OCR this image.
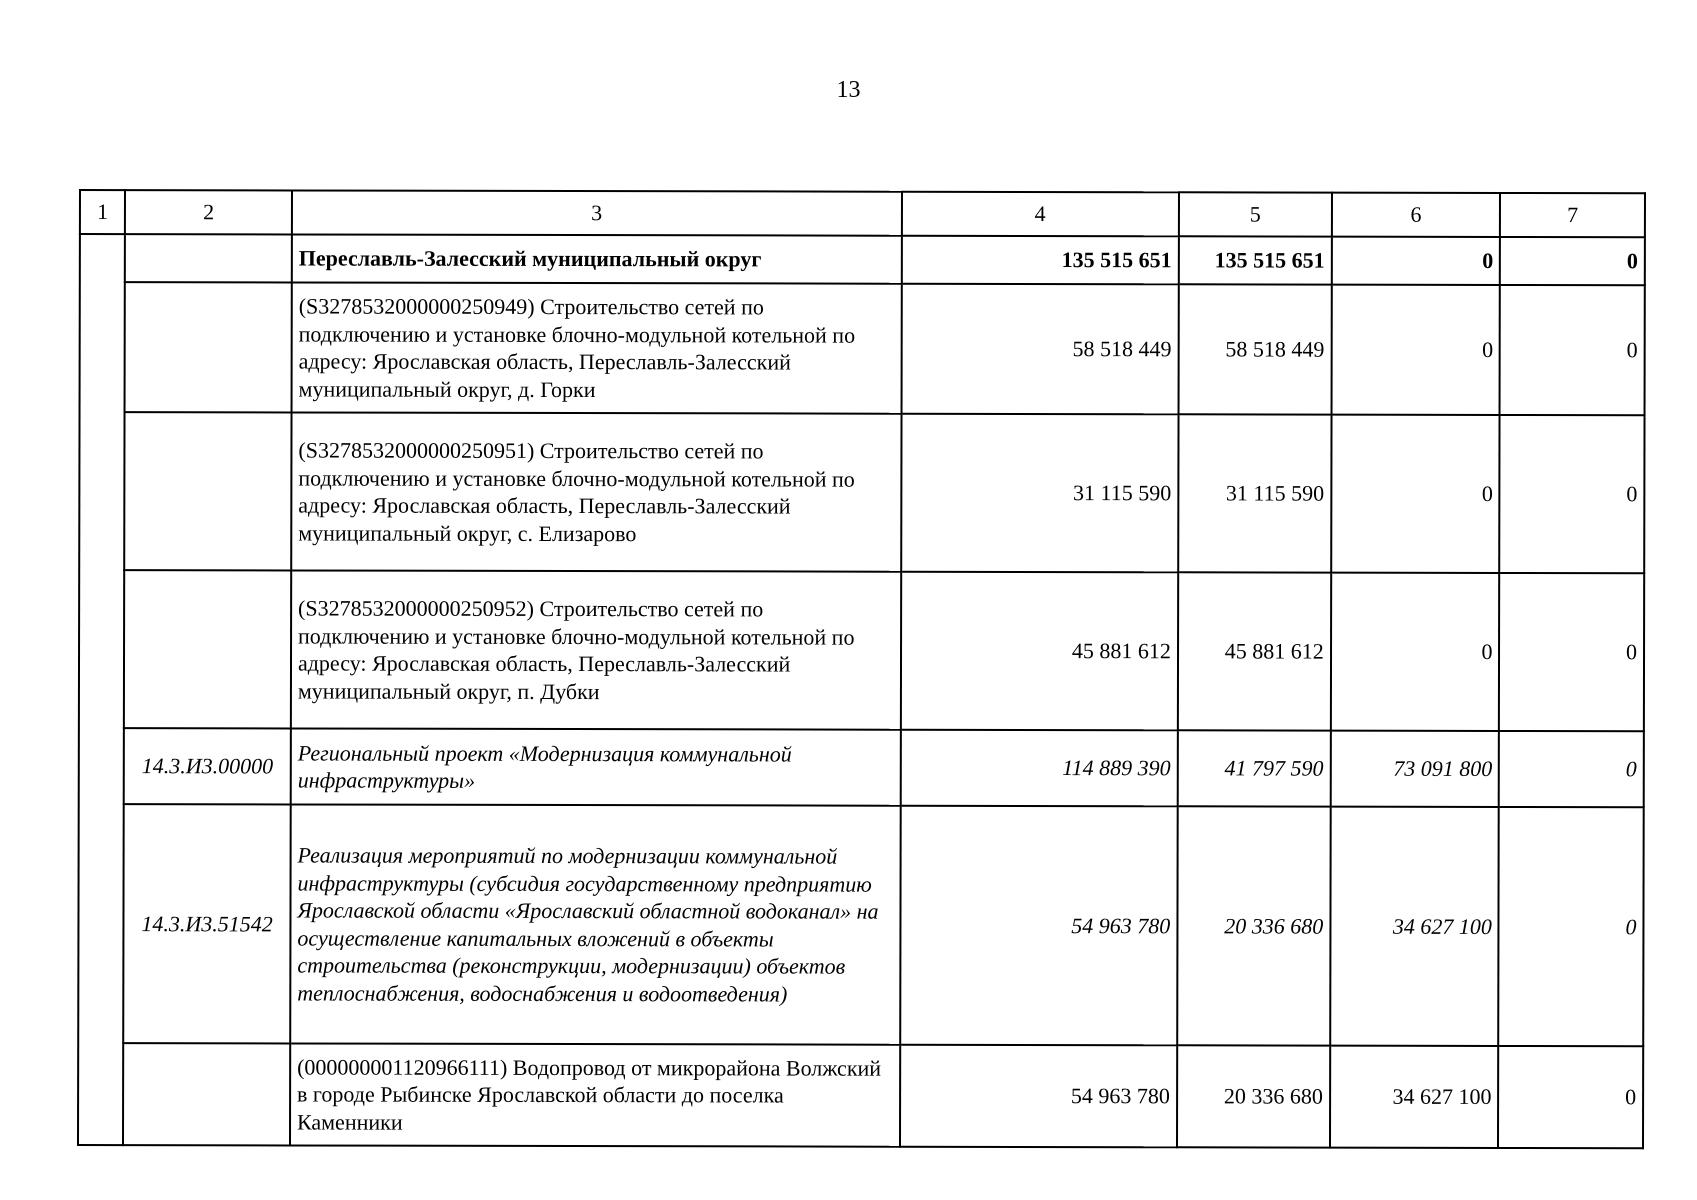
13
1	2	3	4	5	6	7
		Переславль-Залесский муниципальный округ	135 515 651	135 515 651	0	0
		(S3278532000000250949) Строительство сетей по подключению и установке блочно-модульной котельной по адресу: Ярославская область, Переславль-Залесский муниципальный округ, д. Горки	58 518 449	58 518 449	0	0
		(S3278532000000250951) Строительство сетей по подключению и установке блочно-модульной котельной по адресу: Ярославская область, Переславль-Залесский муниципальный округ, с. Елизарово	31 115 590	31 115 590	0	0
		(S3278532000000250952) Строительство сетей по подключению и установке блочно-модульной котельной по адресу: Ярославская область, Переславль-Залесский муниципальный округ, п. Дубки	45 881 612	45 881 612	0	0
	14.3.И3.00000	Региональный проект «Модернизация коммунальной инфраструктуры»	114 889 390	41 797 590	73 091 800	0
	14.3.И3.51542	Реализация мероприятий по модернизации коммунальной инфраструктуры (субсидия государственному предприятию Ярославской области «Ярославский областной водоканал» на осуществление капитальных вложений в объекты строительства (реконструкции, модернизации) объектов теплоснабжения, водоснабжения и водоотведения)	54 963 780	20 336 680	34 627 100	0
		(000000001120966111) Водопровод от микрорайона Волжский в городе Рыбинске Ярославской области до поселка Каменники	54 963 780	20 336 680	34 627 100	0
